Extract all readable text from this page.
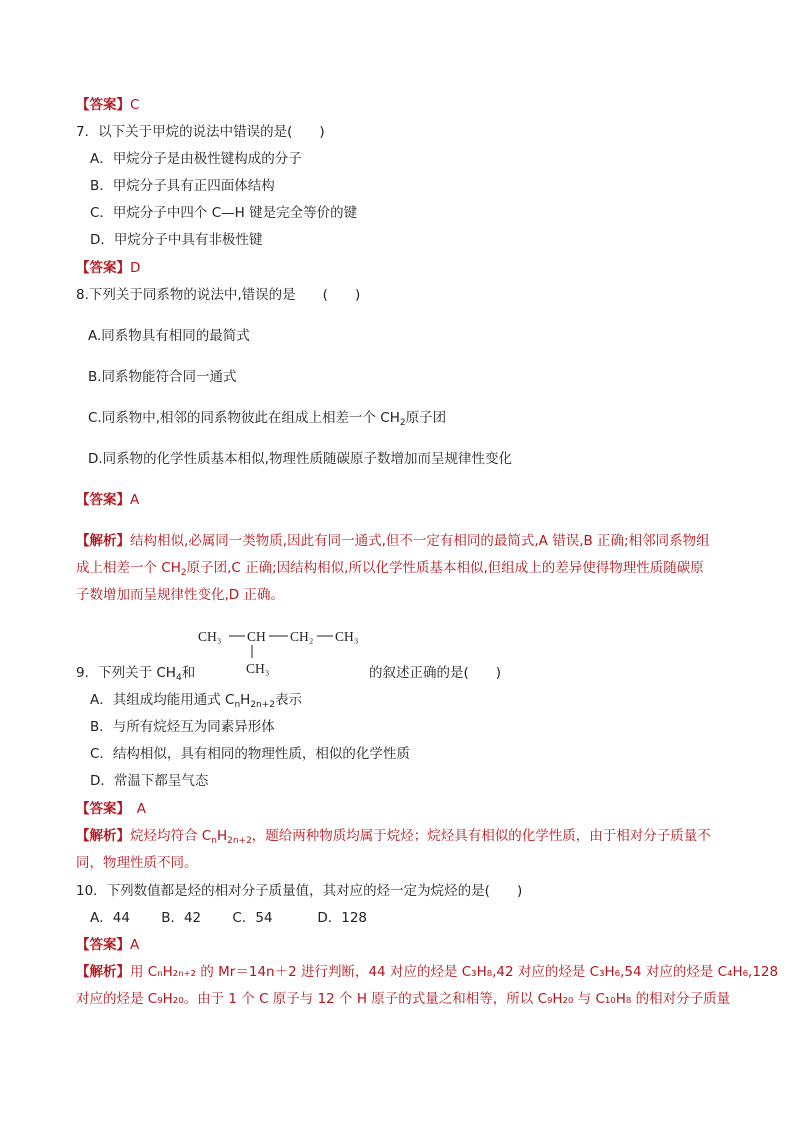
【答案】C
7．以下关于甲烷的说法中错误的是(　　)
A．甲烷分子是由极性键构成的分子
B．甲烷分子具有正四面体结构
C．甲烷分子中四个 C—H 键是完全等价的键
D．甲烷分子中具有非极性键
【答案】D
8.下列关于同系物的说法中,错误的是　　(　　)
A.同系物具有相同的最简式
B.同系物能符合同一通式
C.同系物中,相邻的同系物彼此在组成上相差一个 $CH_2$原子团
D.同系物的化学性质基本相似,物理性质随碳原子数增加而呈规律性变化
【答案】A
【解析】结构相似,必属同一类物质,因此有同一通式,但不一定有相同的最简式,A 错误,B 正确;相邻同系物组
成上相差一个 $CH_2$原子团,C 正确;因结构相似,所以化学性质基本相似,但组成上的差异使得物理性质随碳原
子数增加而呈规律性变化,D 正确。
CH₃ CH CH₂ CH₃
CH₃
9．下列关于 $CH_4$和	的叙述正确的是(　　)
A．其组成均能用通式 $C_nH_{2n+2}$表示
B．与所有烷烃互为同素异形体
C．结构相似，具有相同的物理性质，相似的化学性质
D．常温下都呈气态
【答案】　A
【解析】烷烃均符合 $C_nH_{2n+2}$，题给两种物质均属于烷烃；烷烃具有相似的化学性质，由于相对分子质量不
同，物理性质不同。
10．下列数值都是烃的相对分子质量值，其对应的烃一定为烷烃的是(　　)
A．44　　 B．42　　 C．54　　　 D．128
【答案】A
【解析】用 CₙH₂ₙ₊₂ 的 Mr＝14n＋2 进行判断，44 对应的烃是 C₃H₈,42 对应的烃是 C₃H₆,54 对应的烃是 C₄H₆,128
对应的烃是 C₉H₂₀。由于 1 个 C 原子与 12 个 H 原子的式量之和相等，所以 C₉H₂₀ 与 C₁₀H₈ 的相对分子质量
